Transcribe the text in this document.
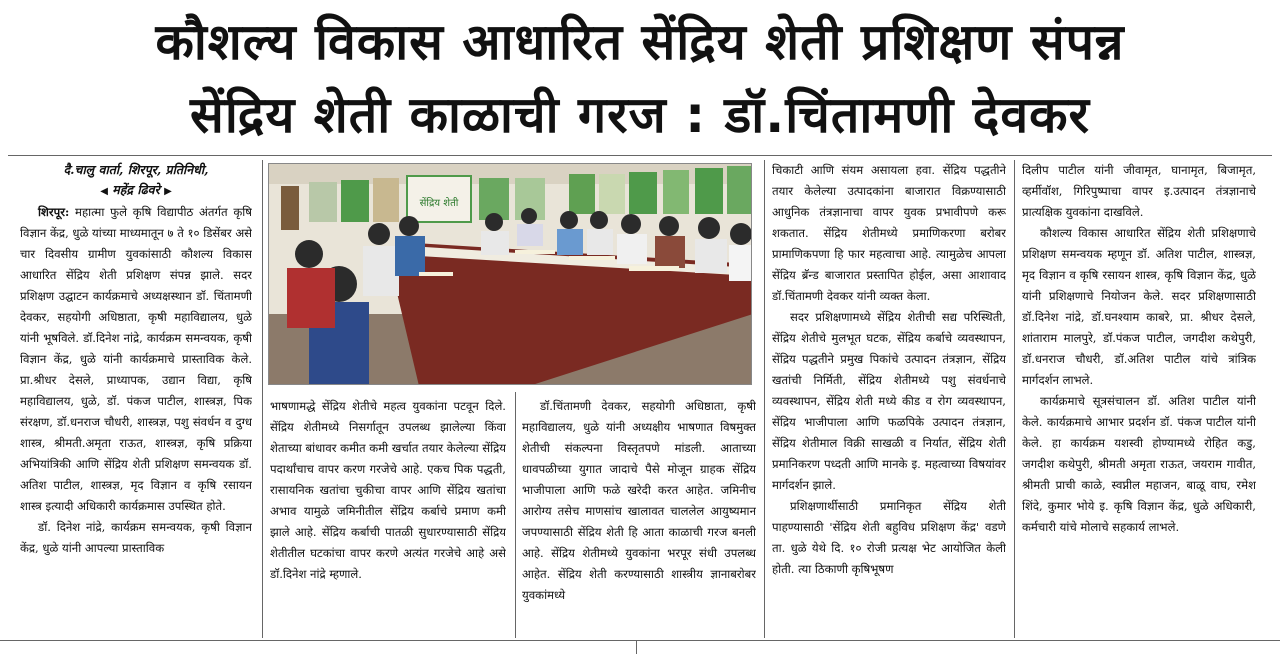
कौशल्य विकास आधारित सेंद्रिय शेती प्रशिक्षण संपन्न
सेंद्रिय शेती काळाची गरज : डॉ.चिंतामणी देवकर
दै.चालु वार्ता, शिरपूर, प्रतिनिधी,
◀ महेंद्र ढिवरे ▶

शिरपूर: महात्मा फुले कृषि विद्यापीठ अंतर्गत कृषि विज्ञान केंद्र, धुळे यांच्या माध्यमातून ७ ते १० डिसेंबर असे चार दिवसीय ग्रामीण युवकांसाठी कौशल्य विकास आधारित सेंद्रिय शेती प्रशिक्षण संपन्न झाले. सदर प्रशिक्षण उद्घाटन कार्यक्रमाचे अध्यक्षस्थान डॉ. चिंतामणी देवकर, सहयोगी अधिष्ठाता, कृषी महाविद्यालय, धुळे यांनी भूषविले. डॉ.दिनेश नांद्रे, कार्यक्रम समन्वयक, कृषी विज्ञान केंद्र, धुळे यांनी कार्यक्रमाचे प्रास्ताविक केले. प्रा.श्रीधर देसले, प्राध्यापक, उद्यान विद्या, कृषि महाविद्यालय, धुळे, डॉ. पंकज पाटील, शास्त्रज्ञ, पिक संरक्षण, डॉ.धनराज चौधरी, शास्त्रज्ञ, पशु संवर्धन व दुग्ध शास्त्र, श्रीमती.अमृता राऊत, शास्त्रज्ञ, कृषि प्रक्रिया अभियांत्रिकी आणि सेंद्रिय शेती प्रशिक्षण समन्वयक डॉ. अतिश पाटील, शास्त्रज्ञ, मृद विज्ञान व कृषि रसायन शास्त्र इत्यादी अधिकारी कार्यक्रमास उपस्थित होते.

डॉ. दिनेश नांद्रे, कार्यक्रम समन्वयक, कृषी विज्ञान केंद्र, धुळे यांनी आपल्या प्रास्ताविक

सेंद्रिय शेती

भाषणामद्धे सेंद्रिय शेतीचे महत्व युवकांना पटवून दिले. सेंद्रिय शेतीमध्ये निसर्गातून उपलब्ध झालेल्या किंवा शेताच्या बांधावर कमीत कमी खर्चात तयार केलेल्या सेंद्रिय पदार्थांचाच वापर करण गरजेचे आहे. एकच पिक पद्धती, रासायनिक खतांचा चुकीचा वापर आणि सेंद्रिय खतांचा अभाव यामुळे जमिनीतील सेंद्रिय कर्बाचे प्रमाण कमी झाले आहे. सेंद्रिय कर्बाची पातळी सुधारण्यासाठी सेंद्रिय शेतीतील घटकांचा वापर करणे अत्यंत गरजेचे आहे असे डॉ.दिनेश नांद्रे म्हणाले.

डॉ.चिंतामणी देवकर, सहयोगी अधिष्ठाता, कृषी महाविद्यालय, धुळे यांनी अध्यक्षीय भाषणात विषमुक्त शेतीची संकल्पना विस्तृतपणे मांडली. आताच्या धावपळीच्या युगात जादाचे पैसे मोजून ग्राहक सेंद्रिय भाजीपाला आणि फळे खरेदी करत आहेत. जमिनीच आरोग्य तसेच माणसांच खालावत चाललेल आयुष्यमान जपण्यासाठी सेंद्रिय शेती हि आता काळाची गरज बनली आहे. सेंद्रिय शेतीमध्ये युवकांना भरपूर संधी उपलब्ध आहेत. सेंद्रिय शेती करण्यासाठी शास्त्रीय ज्ञानाबरोबर युवकांमध्ये

चिकाटी आणि संयम असायला हवा. सेंद्रिय पद्धतीने तयार केलेल्या उत्पादकांना बाजारात विक्रण्यासाठी आधुनिक तंत्रज्ञानाचा वापर युवक प्रभावीपणे करू शकतात. सेंद्रिय शेतीमध्ये प्रमाणिकरणा बरोबर प्रामाणिकपणा हि फार महत्वाचा आहे. त्यामुळेच आपला सेंद्रिय ब्रॅन्ड बाजारात प्रस्तापित होईल, असा आशावाद डॉ.चिंतामणी देवकर यांनी व्यक्त केला.

सदर प्रशिक्षणामध्ये सेंद्रिय शेतीची सद्य परिस्थिती, सेंद्रिय शेतीचे मुलभूत घटक, सेंद्रिय कर्बाचे व्यवस्थापन, सेंद्रिय पद्धतीने प्रमुख पिकांचे उत्पादन तंत्रज्ञान, सेंद्रिय खतांची निर्मिती, सेंद्रिय शेतीमध्ये पशु संवर्धनाचे व्यवस्थापन, सेंद्रिय शेती मध्ये कीड व रोग व्यवस्थापन, सेंद्रिय भाजीपाला आणि फळपिके उत्पादन तंत्रज्ञान, सेंद्रिय शेतीमाल विक्री साखळी व निर्यात, सेंद्रिय शेती प्रमानिकरण पध्दती आणि मानके इ. महत्वाच्या विषयांवर मार्गदर्शन झाले.

प्रशिक्षणार्थीसाठी प्रमानिकृत सेंद्रिय शेती पाहण्यासाठी 'सेंद्रिय शेती बहुविध प्रशिक्षण केंद्र' वडणे ता. धुळे येथे दि. १० रोजी प्रत्यक्ष भेट आयोजित केली होती. त्या ठिकाणी कृषिभूषण

दिलीप पाटील यांनी जीवामृत, घानामृत, बिजामृत, व्हर्मीवॉश, गिरिपुष्पाचा वापर इ.उत्पादन तंत्रज्ञानाचे प्रात्यक्षिक युवकांना दाखविले.

कौशल्य विकास आधारित सेंद्रिय शेती प्रशिक्षणाचे प्रशिक्षण समन्वयक म्हणून डॉ. अतिश पाटील, शास्त्रज्ञ, मृद विज्ञान व कृषि रसायन शास्त्र, कृषि विज्ञान केंद्र, धुळे यांनी प्रशिक्षणाचे नियोजन केले. सदर प्रशिक्षणासाठी डॉ.दिनेश नांद्रे, डॉ.घनश्याम काबरे, प्रा. श्रीधर देसले, शांताराम मालपुरे, डॉ.पंकज पाटील, जगदीश कथेपुरी, डॉ.धनराज चौधरी, डॉ.अतिश पाटील यांचे त्रांत्रिक मार्गदर्शन लाभले.

कार्यक्रमाचे सूत्रसंचालन डॉ. अतिश पाटील यांनी केले. कार्यक्रमाचे आभार प्रदर्शन डॉ. पंकज पाटील यांनी केले. हा कार्यक्रम यशस्वी होण्यामध्ये रोहित कडु, जगदीश कथेपुरी, श्रीमती अमृता राऊत, जयराम गावीत, श्रीमती प्राची काळे, स्वप्नील महाजन, बाळू वाघ, रमेश शिंदे, कुमार भोये इ. कृषि विज्ञान केंद्र, धुळे अधिकारी, कर्मचारी यांचे मोलाचे सहकार्य लाभले.
